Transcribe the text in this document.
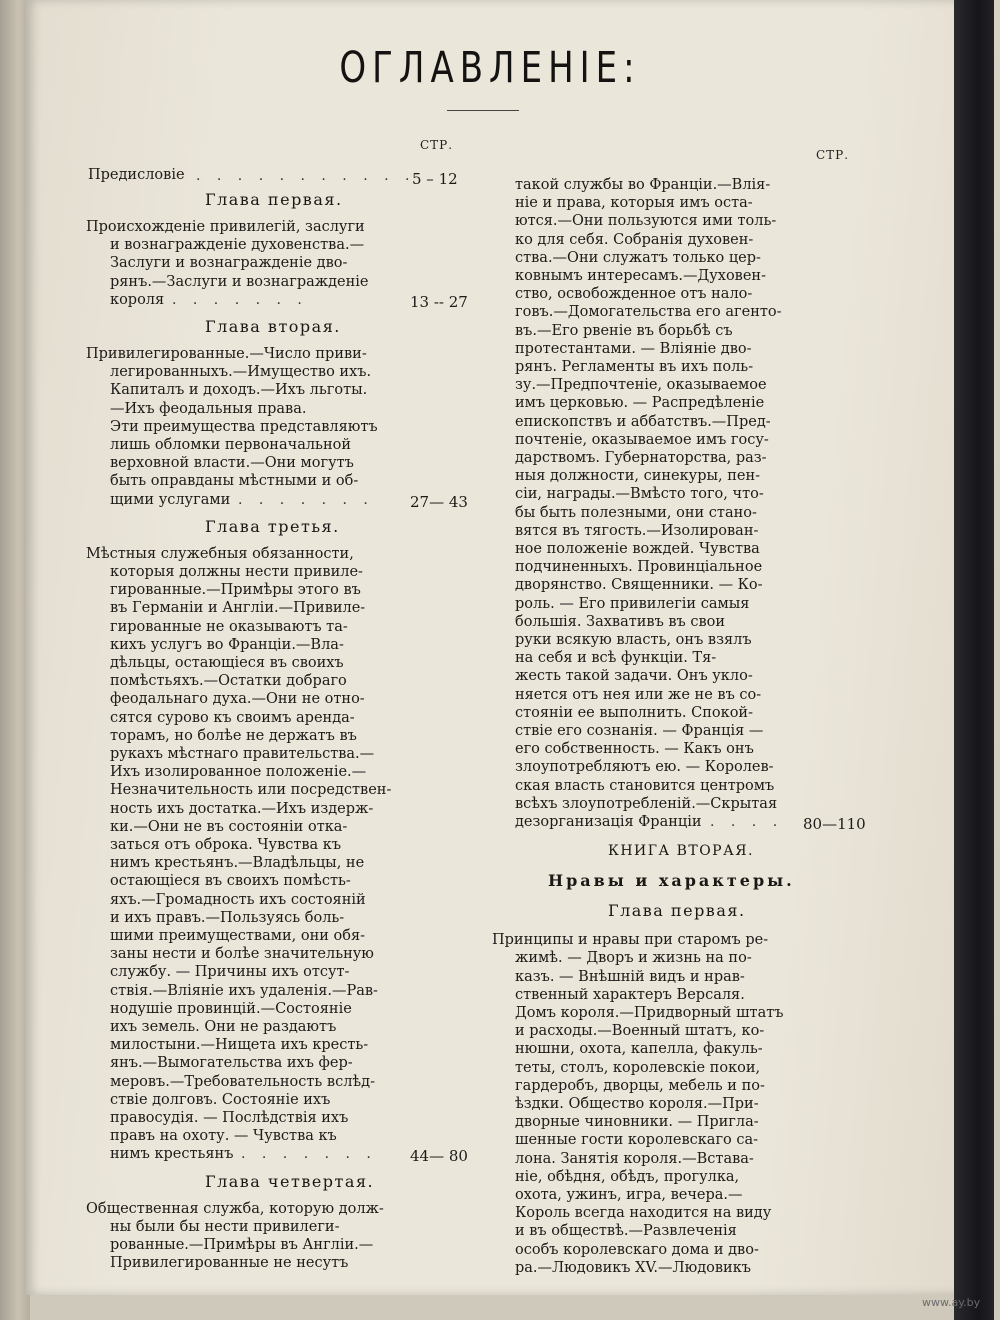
ОГЛАВЛЕНІЕ:
СТР.
СТР.
www.ay.by
Предисловіе . . . . . . . . . . .
5 – 12
Глава первая.
Происхожденіе привилегій, заслуги
и вознагражденіе духовенства.—
Заслуги и вознагражденіе дво-
рянъ.—Заслуги и вознагражденіе
короля . . . . . . .	13 -- 27
Глава вторая.
Привилегированные.—Число приви-
легированныхъ.—Имущество ихъ.
Капиталъ и доходъ.—Ихъ льготы.
—Ихъ феодальныя права.
Эти преимущества представляютъ
лишь обломки первоначальной
верховной власти.—Они могутъ
быть оправданы мѣстными и об-
щими услугами . . . . . . . 27— 43
Глава третья.
Мѣстныя служебныя обязанности,
которыя должны нести привиле-
гированные.—Примѣры этого въ
въ Германіи и Англіи.—Привиле-
гированные не оказываютъ та-
кихъ услугъ во Франціи.—Вла-
дѣльцы, остающіеся въ своихъ
помѣстьяхъ.—Остатки добраго
феодальнаго духа.—Они не отно-
сятся сурово къ своимъ арендa-
торамъ, но болѣе не держатъ въ
рукахъ мѣстнаго правительства.—
Ихъ изолированное положеніе.—
Незначительность или посредствен-
ность ихъ достатка.—Ихъ издерж-
ки.—Они не въ состояніи отка-
заться отъ оброка. Чувства къ
нимъ крестьянъ.—Владѣльцы, не
остающіеся въ своихъ помѣсть-
яхъ.—Громадность ихъ состояній
и ихъ правъ.—Пользуясь боль-
шими преимуществами, они обя-
заны нести и болѣе значительную
службу. — Причины ихъ отсут-
ствія.—Вліяніе ихъ удаленія.—Рав-
нодушіе провинцій.—Состояніе
ихъ земель. Они не раздаютъ
милостыни.—Нищета ихъ кресть-
янъ.—Вымогательства ихъ фер-
меровъ.—Требовательность вслѣд-
ствіе долговъ. Состояніе ихъ
правосудія. — Послѣдствія ихъ
правъ на охоту. — Чувства къ
нимъ крестьянъ . . . . . . . 44— 80
Глава четвертая.
Общественная служба, которую долж-
ны были бы нести привилеги-
рованные.—Примѣры въ Англіи.—
Привилегированные не несутъ
такой службы во Франціи.—Влія-
ніе и права, которыя имъ оста-
ются.—Они пользуются ими толь-
ко для себя. Собранія духовен-
ства.—Они служатъ только цер-
ковнымъ интересамъ.—Духовен-
ство, освобожденное отъ нало-
говъ.—Домогательства его агентo-
въ.—Его рвеніе въ борьбѣ съ
протестантами. — Вліяніе дво-
рянъ. Регламенты въ ихъ поль-
зу.—Предпочтеніе, оказываемое
имъ церковью. — Распредѣленіе
епископствъ и аббатствъ.—Пред-
почтеніе, оказываемое имъ госу-
дарствомъ. Губернаторства, раз-
ныя должности, синекуры, пен-
сіи, награды.—Вмѣсто того, что-
бы быть полезными, они стано-
вятся въ тягость.—Изолирован-
ное положеніе вождей. Чувства
подчиненныхъ. Провинціальное
дворянство. Священники. — Ко-
роль. — Его привилегіи самыя
большія. Захвативъ въ свои
руки всякую власть, онъ взялъ
на себя и всѣ функціи. Тя-
жесть такой задачи. Онъ укло-
няется отъ нея или же не въ со-
стояніи ее выполнить. Спокой-
ствіе его сознанія. — Франція —
его собственность. — Какъ онъ
злоупотребляютъ ею. — Королев-
ская власть становится центромъ
всѣхъ злоупотребленій.—Скрытая
дезорганизація Франціи . . . . 80—110
КНИГА ВТОРАЯ.
Нравы и характеры.
Глава первая.
Принципы и нравы при старомъ ре-
жимѣ. — Дворъ и жизнь на по-
казъ. — Внѣшній видъ и нрав-
ственный характеръ Версаля.
Домъ короля.—Придворный штатъ
и расходы.—Военный штатъ, ко-
нюшни, охота, капелла, факуль-
теты, столъ, королевскіе покои,
гардеробъ, дворцы, мебель и по-
ѣздки. Общество короля.—При-
дворные чиновники. — Пригла-
шенные гости королевскаго са-
лона. Занятія короля.—Вставa-
ніе, обѣдня, обѣдъ, прогулка,
охота, ужинъ, игра, вечера.—
Король всегда находится на виду
и въ обществѣ.—Развлеченія
особъ королевскаго дома и дво-
ра.—Людовикъ XV.—Людовикъ
